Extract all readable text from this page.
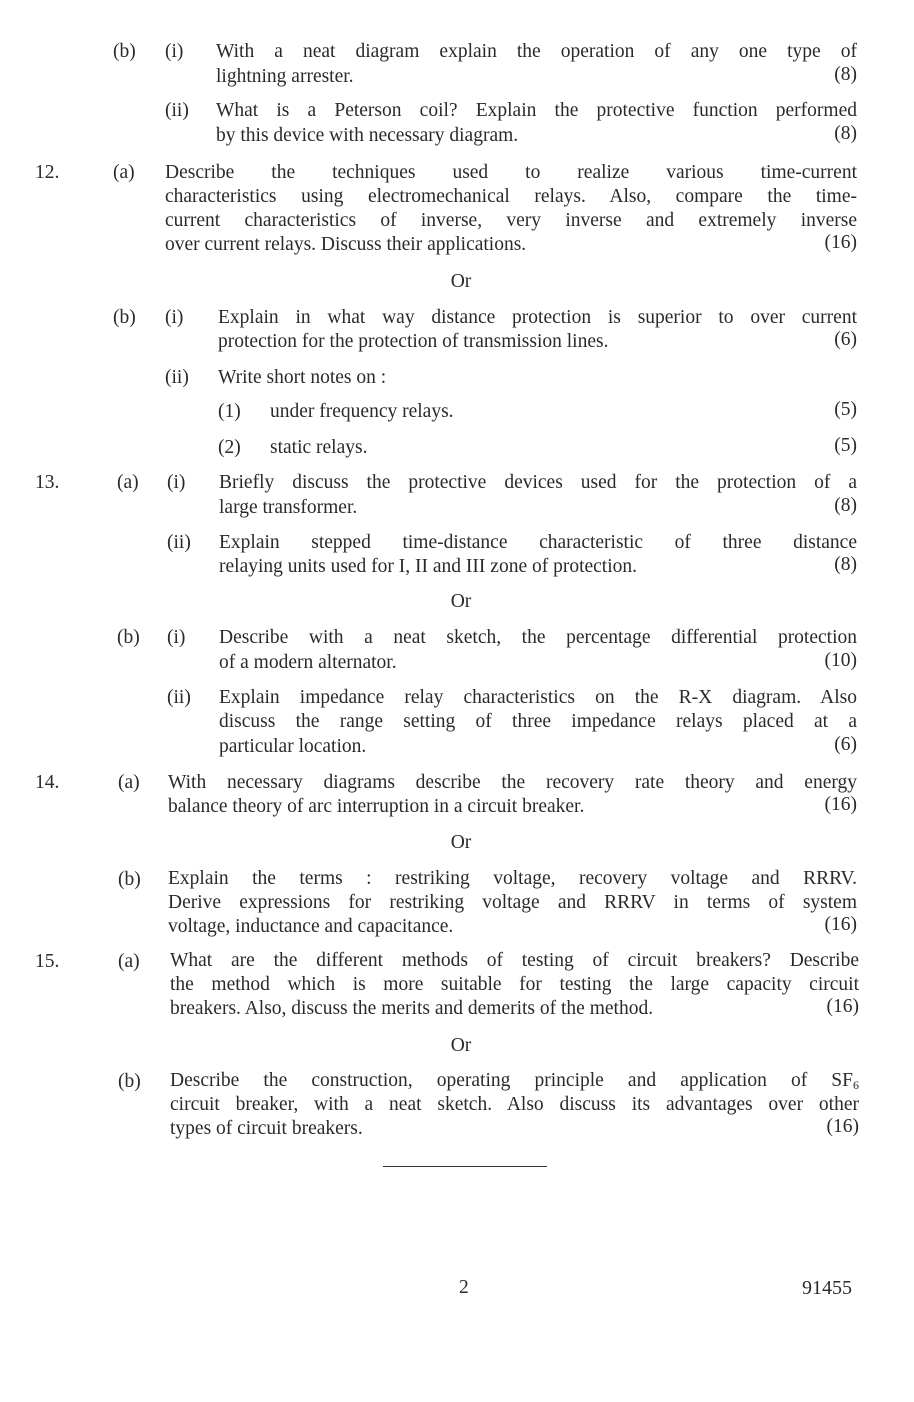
(b) (i) With a neat diagram explain the operation of any one type of
lightning arrester.	(8)
(ii) What is a Peterson coil? Explain the protective function performed
by this device with necessary diagram.	(8)
12.	(a) Describe the techniques used to realize various time-current
characteristics using electromechanical relays. Also, compare the time-
current characteristics of inverse, very inverse and extremely inverse
over current relays. Discuss their applications.	(16)
Or
(b) (i) Explain in what way distance protection is superior to over current
protection for the protection of transmission lines.	(6)
(ii) Write short notes on :
(1) under frequency relays.	(5)
(2) static relays.	(5)
13.	(a) (i) Briefly discuss the protective devices used for the protection of a
large transformer.	(8)
(ii) Explain stepped time-distance characteristic of three distance
relaying units used for I, II and III zone of protection.	(8)
Or
(b) (i) Describe with a neat sketch, the percentage differential protection
of a modern alternator.	(10)
(ii) Explain impedance relay characteristics on the R-X diagram. Also
discuss the range setting of three impedance relays placed at a
particular location.	(6)
14.	(a) With necessary diagrams describe the recovery rate theory and energy
balance theory of arc interruption in a circuit breaker.	(16)
Or
(b) Explain the terms : restriking voltage, recovery voltage and RRRV.
Derive expressions for restriking voltage and RRRV in terms of system
voltage, inductance and capacitance.	(16)
15.	(a) What are the different methods of testing of circuit breakers? Describe
the method which is more suitable for testing the large capacity circuit
breakers. Also, discuss the merits and demerits of the method.	(16)
Or
(b) Describe the construction, operating principle and application of $SF_6$
circuit breaker, with a neat sketch. Also discuss its advantages over other
types of circuit breakers.	(16)
2	91455
